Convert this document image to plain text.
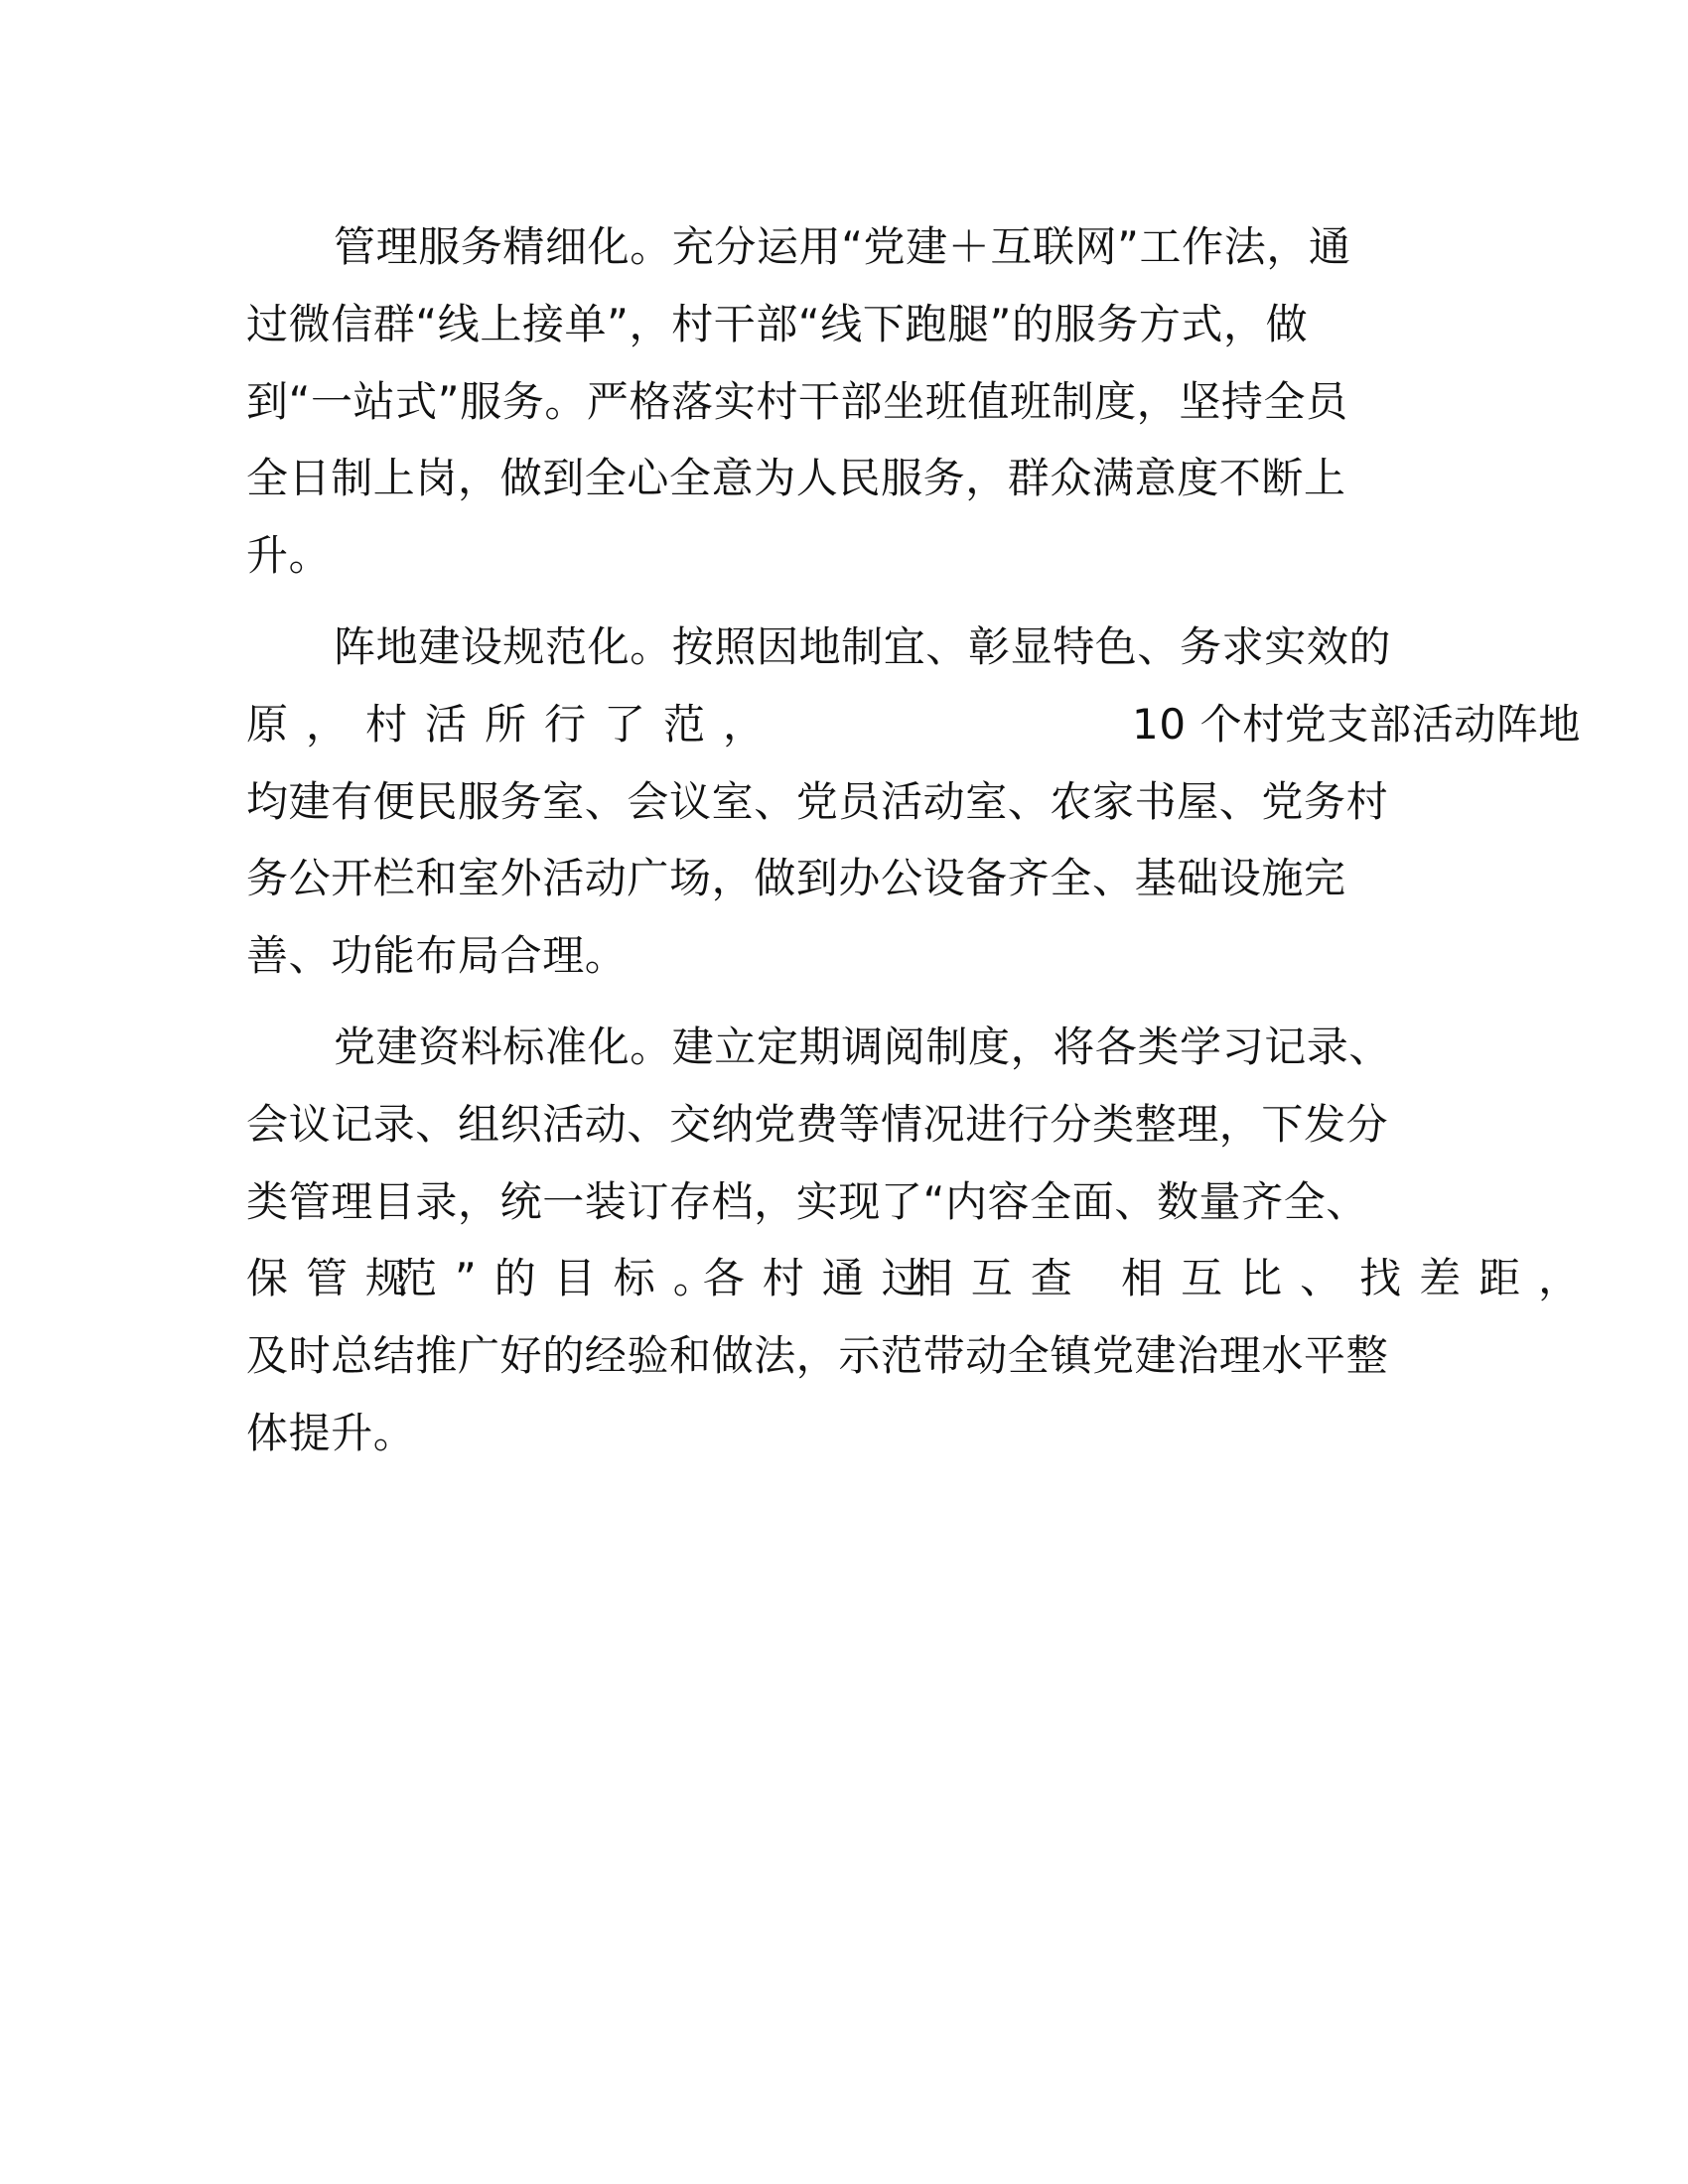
管理服务精细化。充分运用“党建＋互联网”工作法，通
过微信群“线上接单”，村干部“线下跑腿”的服务方式，做
到“一站式”服务。严格落实村干部坐班值班制度，坚持全员
全日制上岗，做到全心全意为人民服务，群众满意度不断上
升。

阵地建设规范化。按照因地制宜、彰显特色、务求实效的
原，村活所行了范，	10 个村党支部活动阵地
均建有便民服务室、会议室、党员活动室、农家书屋、党务村
务公开栏和室外活动广场，做到办公设备齐全、基础设施完
善、功能布局合理。

党建资料标准化。建立定期调阅制度，将各类学习记录、
会议记录、组织活动、交纳党费等情况进行分类整理，下发分
类管理目录，统一装订存档，实现了“内容全面、数量齐全、
保管规范”的目标。各村通过相互查 相互比、找差距，
及时总结推广好的经验和做法，示范带动全镇党建治理水平整
体提升。
